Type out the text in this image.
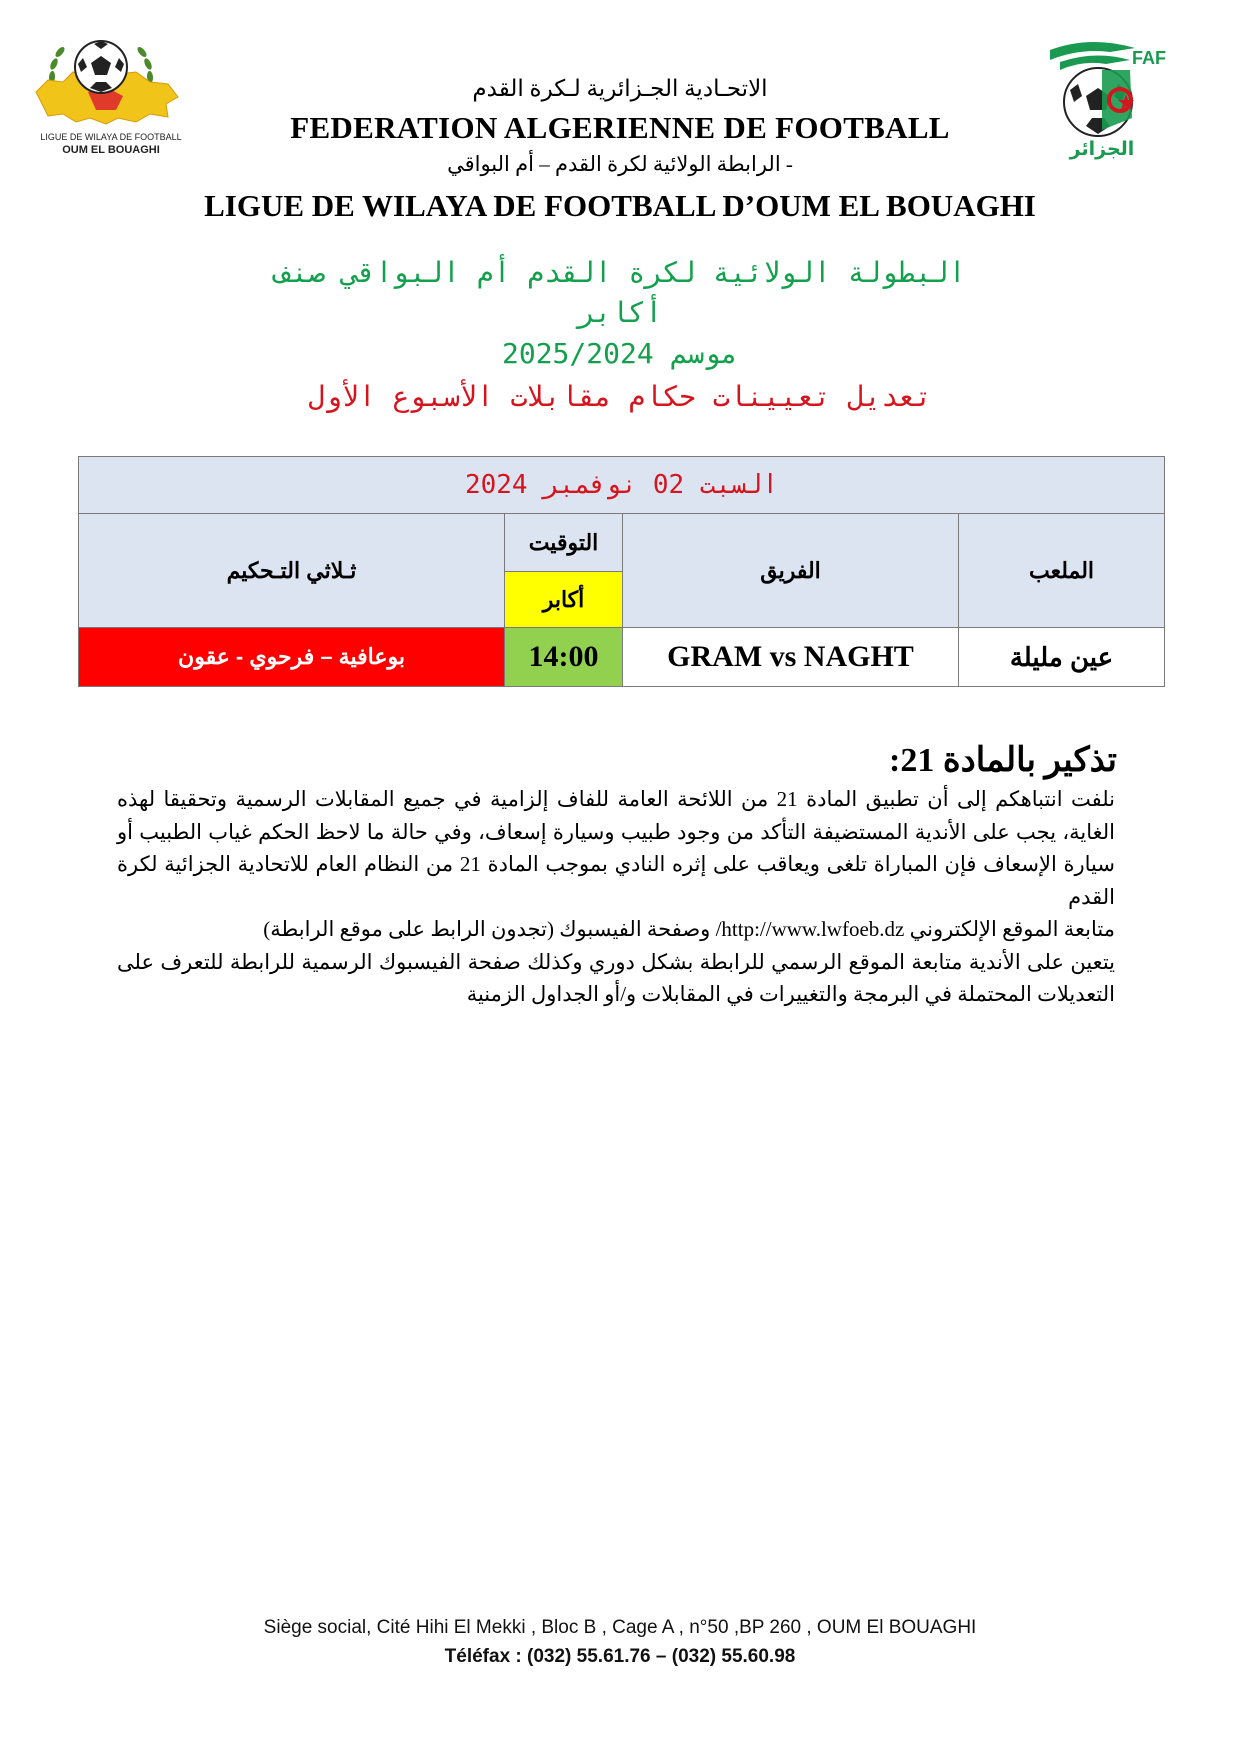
LIGUE DE WILAYA DE FOOTBALL
OUM EL BOUAGHI
FAF
الجزائر
الاتحـادية الجـزائرية لـكرة القدم
FEDERATION ALGERIENNE DE FOOTBALL
الرابطة الولائية لكرة القدم – أم البواقي -
LIGUE DE WILAYA DE FOOTBALL D’OUM EL BOUAGHI
البطولة الولائية لكرة القدم أم البواقي صنف
أكابر
موسم 2025/2024
تعديل تعيينات حكام مقابلات الأسبوع الأول
السبت 02 نوفمبر 2024			
ثـلاثي التـحكيم	التوقيت	الفريق	الملعب
	أكابر		
بوعافية – فرحوي - عقون	14:00	GRAM vs NAGHT	عين مليلة
تذكير بالمادة 21:

نلفت انتباهكم إلى أن تطبيق المادة 21 من اللائحة العامة للفاف إلزامية في جميع المقابلات الرسمية وتحقيقا لهذه الغاية، يجب على الأندية المستضيفة التأكد من وجود طبيب وسيارة إسعاف، وفي حالة ما لاحظ الحكم غياب الطبيب أو سيارة الإسعاف فإن المباراة تلغى ويعاقب على إثره النادي بموجب المادة 21 من النظام العام للاتحادية الجزائية لكرة القدم

متابعة الموقع الإلكتروني http://www.lwfoeb.dz/ وصفحة الفيسبوك (تجدون الرابط على موقع الرابطة)

يتعين على الأندية متابعة الموقع الرسمي للرابطة بشكل دوري وكذلك صفحة الفيسبوك الرسمية للرابطة للتعرف على التعديلات المحتملة في البرمجة والتغييرات في المقابلات و/أو الجداول الزمنية

Siège social, Cité Hihi El Mekki , Bloc B , Cage A , n°50 ,BP 260 , OUM El BOUAGHI
Téléfax : (032) 55.61.76 – (032) 55.60.98
